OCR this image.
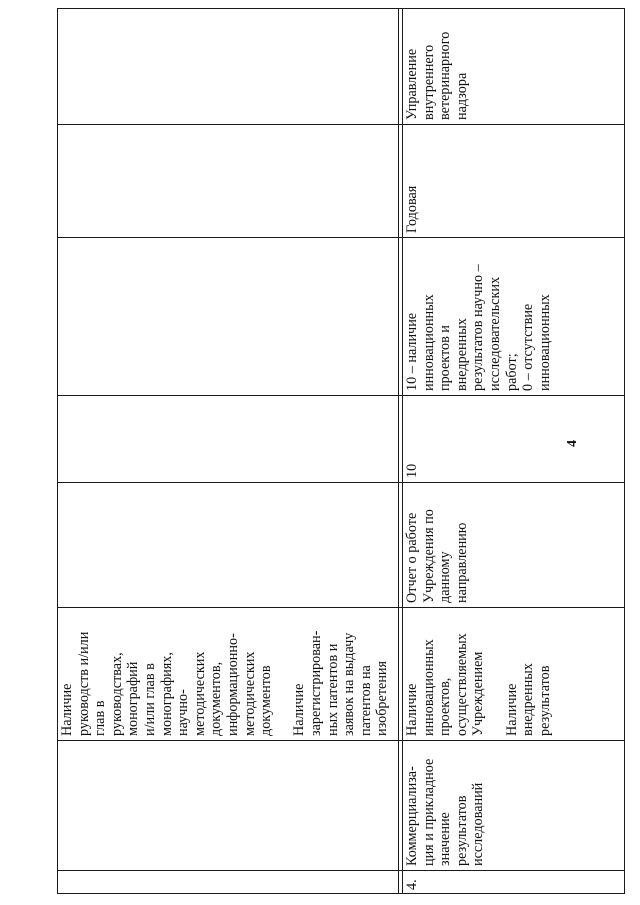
Наличие
руководств и/или
глав в
руководствах,
монографий
и/или глав в
монографиях,
научно-
методических
документов,
информационно-
методических
документов

Наличие
зарегистрирован-
ных патентов и
заявок на выдачу
патентов на
изобретения
4.
Коммерциализа-
ция и прикладное
значение
результатов
исследований
Наличие
инновационных
проектов,
осуществляемых
Учреждением

Наличие
внедренных
результатов
Отчет о работе
Учреждения по
данному
направлению
10
10 – наличие
инновационных
проектов и
внедренных
результатов научно –
исследовательских
работ;
0 – отсутствие
инновационных
Годовая
Управление
внутреннего
ветеринарного
надзора
4
